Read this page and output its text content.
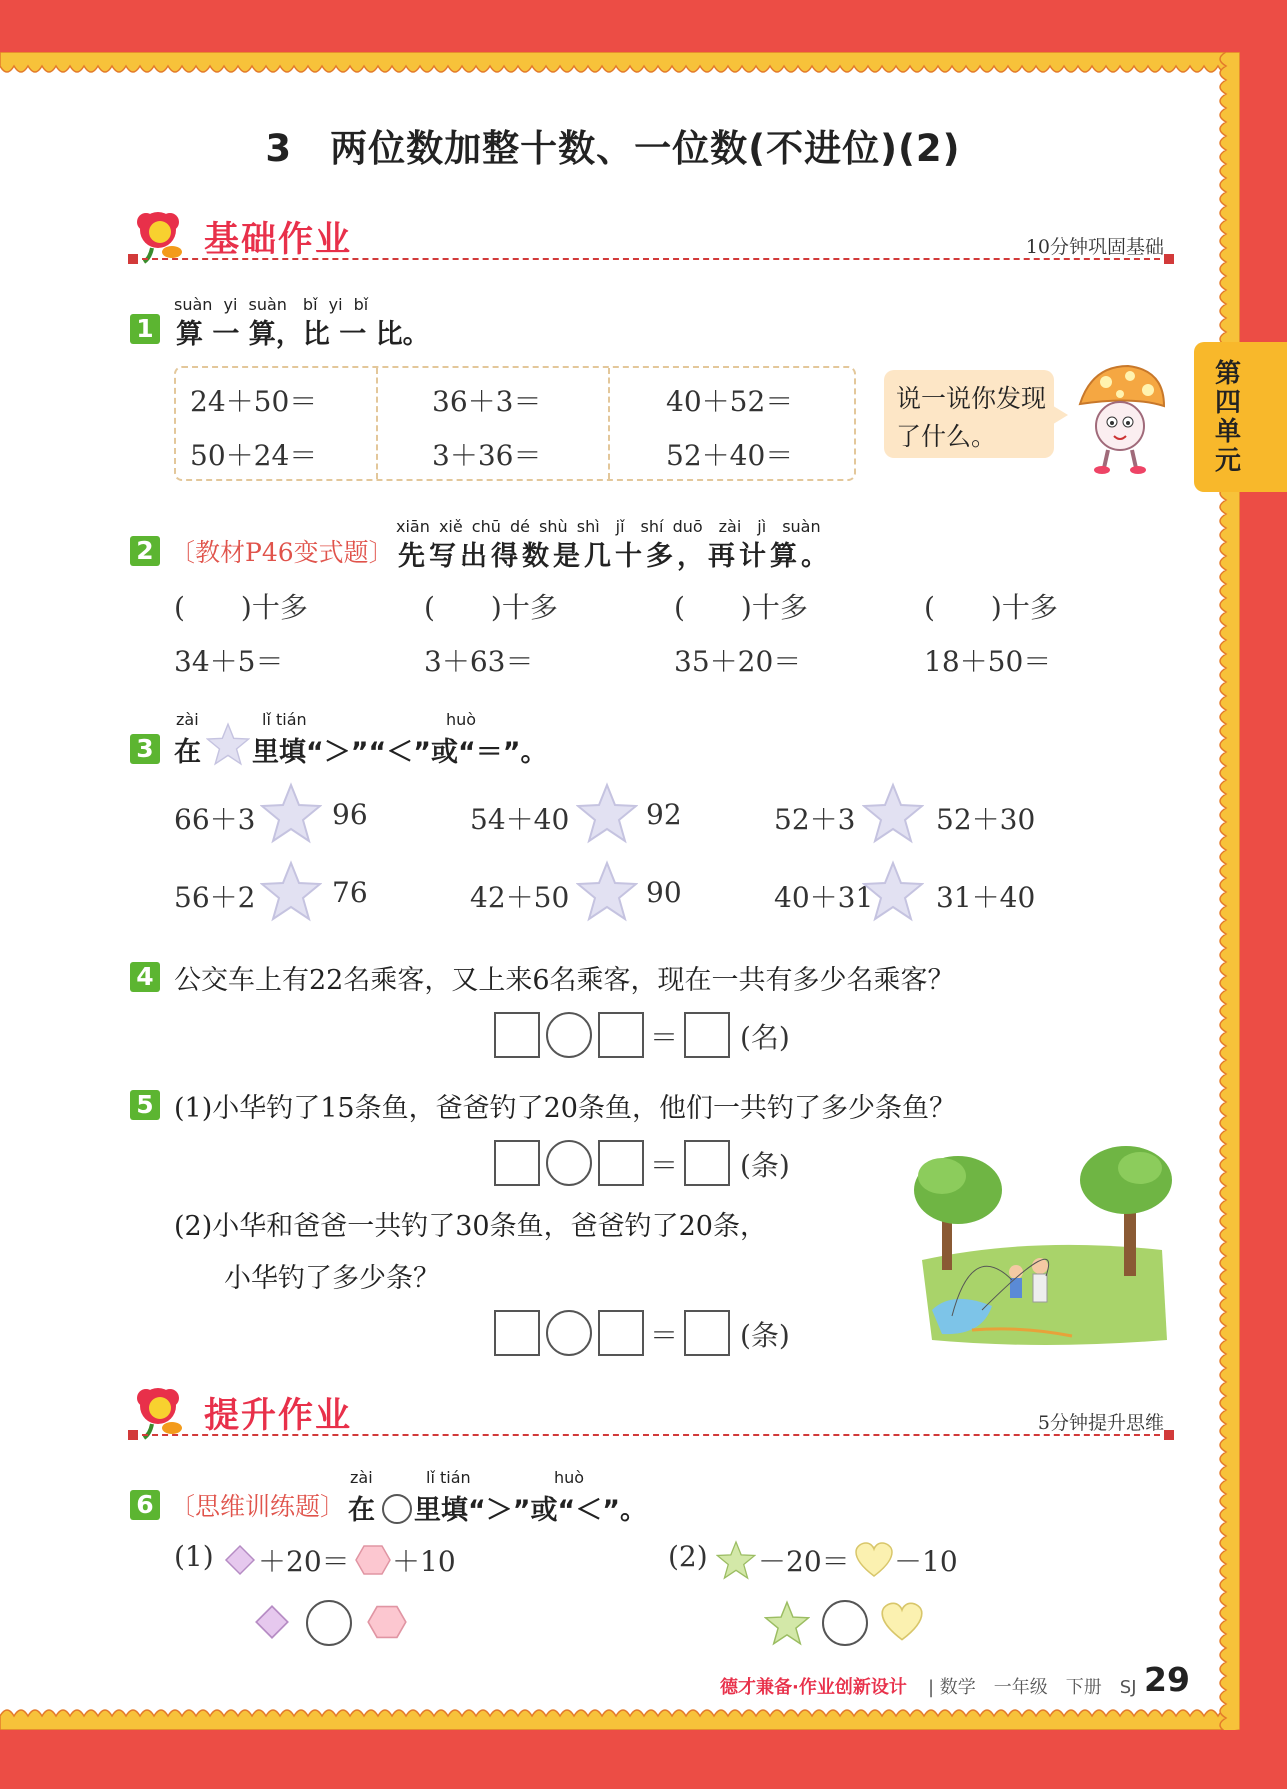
第四单元
3　两位数加整十数、一位数(不进位)(2)
基础作业	10分钟巩固基础
1
suàn yi suàn　bǐ yi bǐ
算 一 算，比 一 比。
24＋50＝	36＋3＝	40＋52＝
50＋24＝	3＋36＝	52＋40＝
说一说你发现了什么。
2 〔教材P46变式题〕
xiān xiě chū dé shù shì　jǐ　shí duō　zài　jì　suàn
先写出得数是几十多，再计算。
(　　)十多	(　　)十多	(　　)十多	(　　)十多
34＋5＝	3＋63＝	35＋20＝	18＋50＝
3
zài	lǐ tián	huò
在 里填“＞”“＜”或“＝”。
66＋3	96	54＋40	92	52＋3	52＋30
56＋2	76	42＋50	90	40＋31 31＋40
4 公交车上有22名乘客，又上来6名乘客，现在一共有多少名乘客？
＝ (名)
5 (1)小华钓了15条鱼，爸爸钓了20条鱼，他们一共钓了多少条鱼？
＝ (条)
(2)小华和爸爸一共钓了30条鱼，爸爸钓了20条，
小华钓了多少条？
＝ (条)
提升作业	5分钟提升思维
6 〔思维训练题〕
zài	lǐ tián	huò
在 里填“＞”或“＜”。
(1) ＋20＝ ＋10	(2) －20＝ －10
德才兼备·作业创新设计 | 数学　一年级　下册　SJ 29
